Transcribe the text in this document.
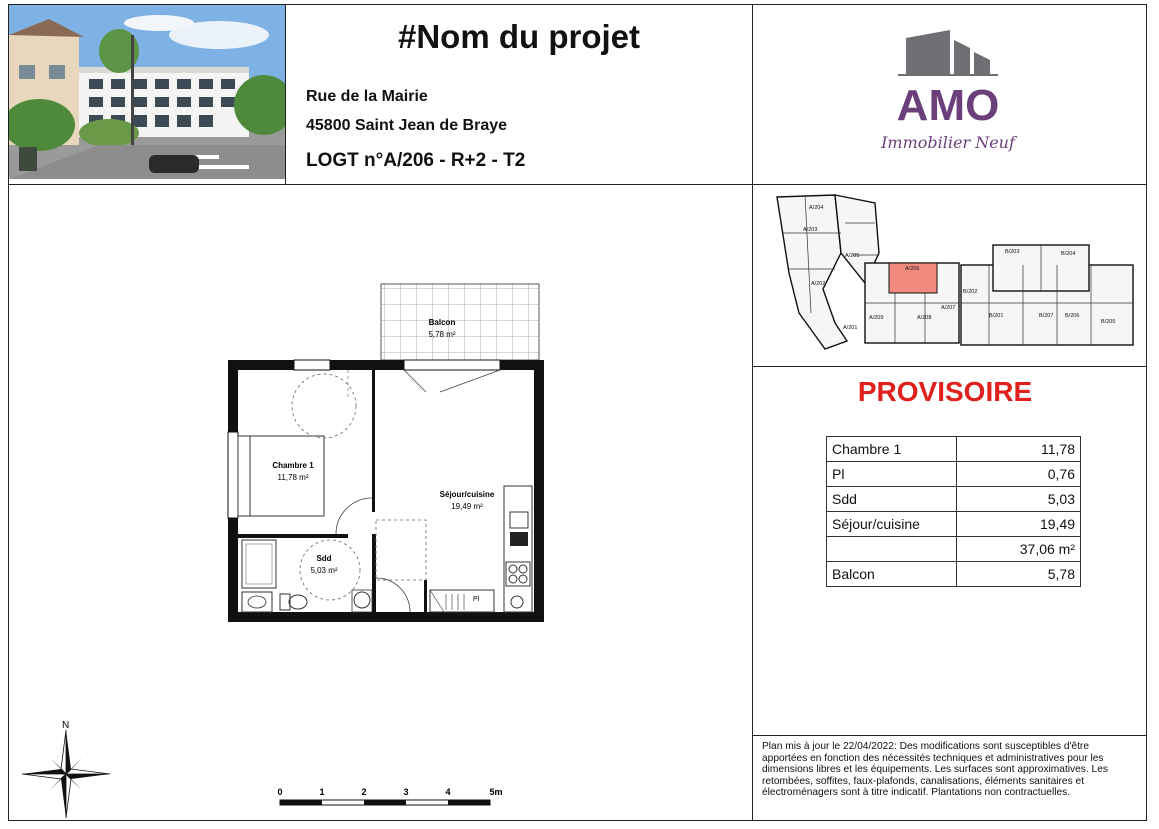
#Nom du projet
Rue de la Mairie
45800 Saint Jean de Braye
LOGT n°A/206 - R+2 - T2
AMO
Immobilier Neuf
Balcon
5,78 m²
Pl
Chambre 1
11,78 m²
Séjour/cuisine
19,49 m²
Sdd
5,03 m²
A/204
A/203
A/205
A/206
A/202
A/201
A/209	A/208
A/207
B/202
B/201
B/203	B/204
B/207 B/206
B/205
PROVISOIRE
Chambre 1	11,78
Pl	0,76
Sdd	5,03
Séjour/cuisine	19,49
	37,06 m²
Balcon	5,78
Plan mis à jour le 22/04/2022: Des modifications sont susceptibles d'être apportées en fonction des nécessités techniques et administratives pour les dimensions libres et les équipements. Les surfaces sont approximatives. Les retombées, soffites, faux-plafonds, canalisations, éléments sanitaires et électroménagers sont à titre indicatif. Plantations non contractuelles.
N
0	1	2	3	4	5m
